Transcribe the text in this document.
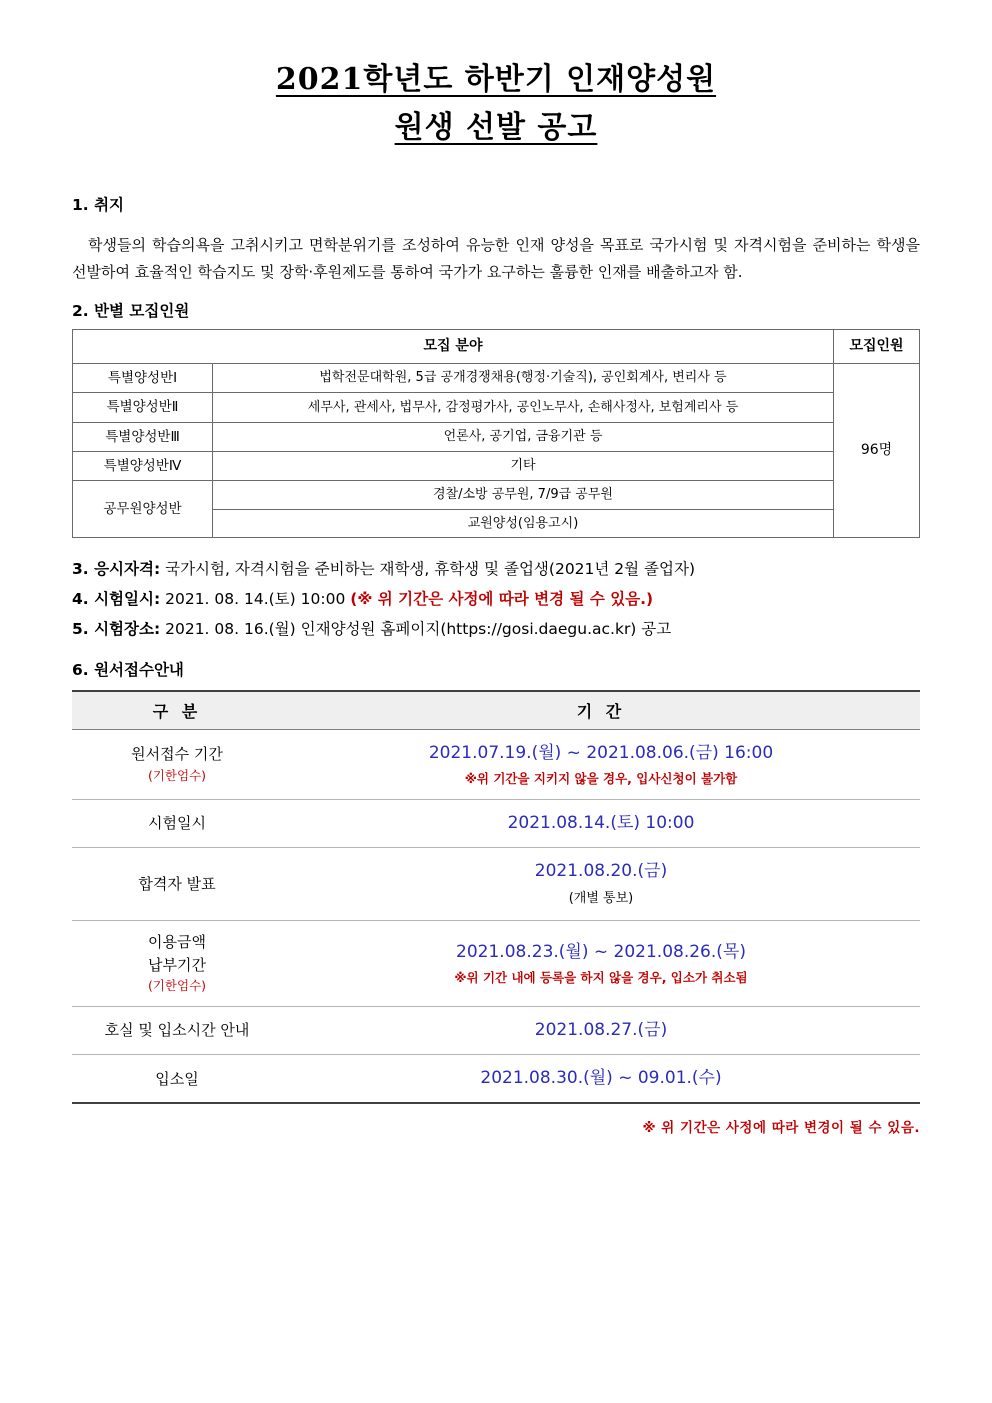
2021학년도 하반기 인재양성원
원생 선발 공고

1. 취지

학생들의 학습의욕을 고취시키고 면학분위기를 조성하여 유능한 인재 양성을 목표로 국가시험 및 자격시험을 준비하는 학생을 선발하여 효율적인 학습지도 및 장학·후원제도를 통하여 국가가 요구하는 훌륭한 인재를 배출하고자 함.

2. 반별 모집인원

모집 분야		모집인원
특별양성반Ⅰ	법학전문대학원, 5급 공개경쟁채용(행정·기술직), 공인회계사, 변리사 등	96명
특별양성반Ⅱ	세무사, 관세사, 법무사, 감정평가사, 공인노무사, 손해사정사, 보험계리사 등	
특별양성반Ⅲ	언론사, 공기업, 금융기관 등	
특별양성반Ⅳ	기타	
공무원양성반	경찰/소방 공무원, 7/9급 공무원	
	교원양성(임용고시)	

3. 응시자격: 국가시험, 자격시험을 준비하는 재학생, 휴학생 및 졸업생(2021년 2월 졸업자)

4. 시험일시: 2021. 08. 14.(토) 10:00 (※ 위 기간은 사정에 따라 변경 될 수 있음.)

5. 시험장소: 2021. 08. 16.(월) 인재양성원 홈페이지(https://gosi.daegu.ac.kr) 공고

6. 원서접수안내

구 분	기 간
원서접수 기간
(기한엄수)	2021.07.19.(월) ~ 2021.08.06.(금) 16:00
※위 기간을 지키지 않을 경우, 입사신청이 불가함

시험일시	2021.08.14.(토) 10:00
합격자 발표	2021.08.20.(금)
(개별 통보)

이용금액
납부기간
(기한엄수)	2021.08.23.(월) ~ 2021.08.26.(목)
※위 기간 내에 등록을 하지 않을 경우, 입소가 취소됨

호실 및 입소시간 안내	2021.08.27.(금)
입소일	2021.08.30.(월) ~ 09.01.(수)

※ 위 기간은 사정에 따라 변경이 될 수 있음.
